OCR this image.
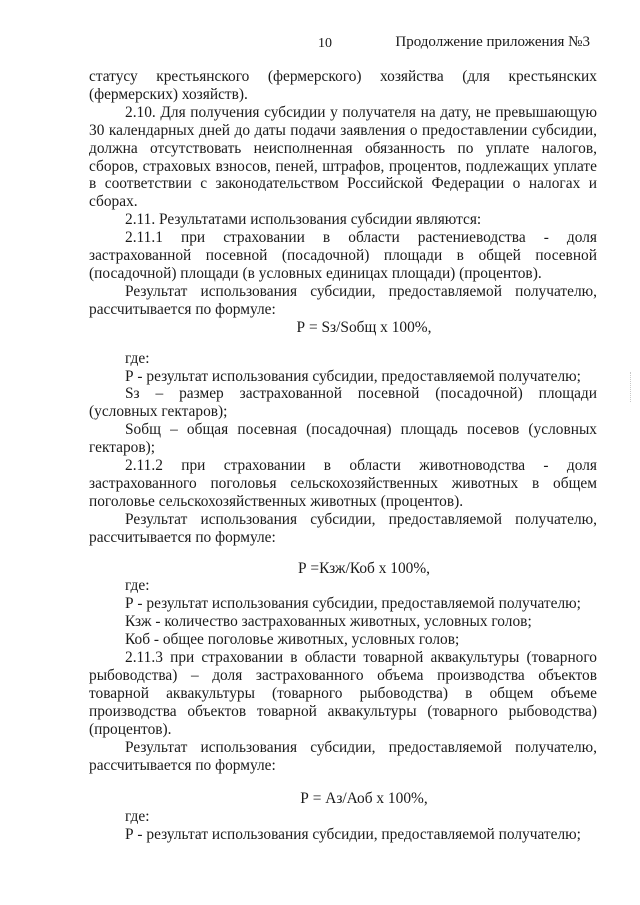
10	Продолжение приложения №3

статусу крестьянского (фермерского) хозяйства (для крестьянских (фермерских) хозяйств).

2.10. Для получения субсидии у получателя на дату, не превышающую 30 календарных дней до даты подачи заявления о предоставлении субсидии, должна отсутствовать неисполненная обязанность по уплате налогов, сборов, страховых взносов, пеней, штрафов, процентов, подлежащих уплате в соответствии с законодательством Российской Федерации о налогах и сборах.

2.11. Результатами использования субсидии являются:

2.11.1 при страховании в области растениеводства - доля застрахованной посевной (посадочной) площади в общей посевной (посадочной) площади (в условных единицах площади) (процентов).

Результат использования субсидии, предоставляемой получателю, рассчитывается по формуле:

Р = Sз/Sобщ х 100%,

где:

Р - результат использования субсидии, предоставляемой получателю;

Sз – размер застрахованной посевной (посадочной) площади (условных гектаров);

Sобщ – общая посевная (посадочная) площадь посевов (условных гектаров);

2.11.2 при страховании в области животноводства - доля застрахованного поголовья сельскохозяйственных животных в общем поголовье сельскохозяйственных животных (процентов).

Результат использования субсидии, предоставляемой получателю, рассчитывается по формуле:

Р =Кзж/Коб х 100%,

где:

Р - результат использования субсидии, предоставляемой получателю;

Кзж - количество застрахованных животных, условных голов;

Коб - общее поголовье животных, условных голов;

2.11.3 при страховании в области товарной аквакультуры (товарного рыбоводства) – доля застрахованного объема производства объектов товарной аквакультуры (товарного рыбоводства) в общем объеме производства объектов товарной аквакультуры (товарного рыбоводства) (процентов).

Результат использования субсидии, предоставляемой получателю, рассчитывается по формуле:

Р = Аз/Аоб х 100%,

где:

Р - результат использования субсидии, предоставляемой получателю;
